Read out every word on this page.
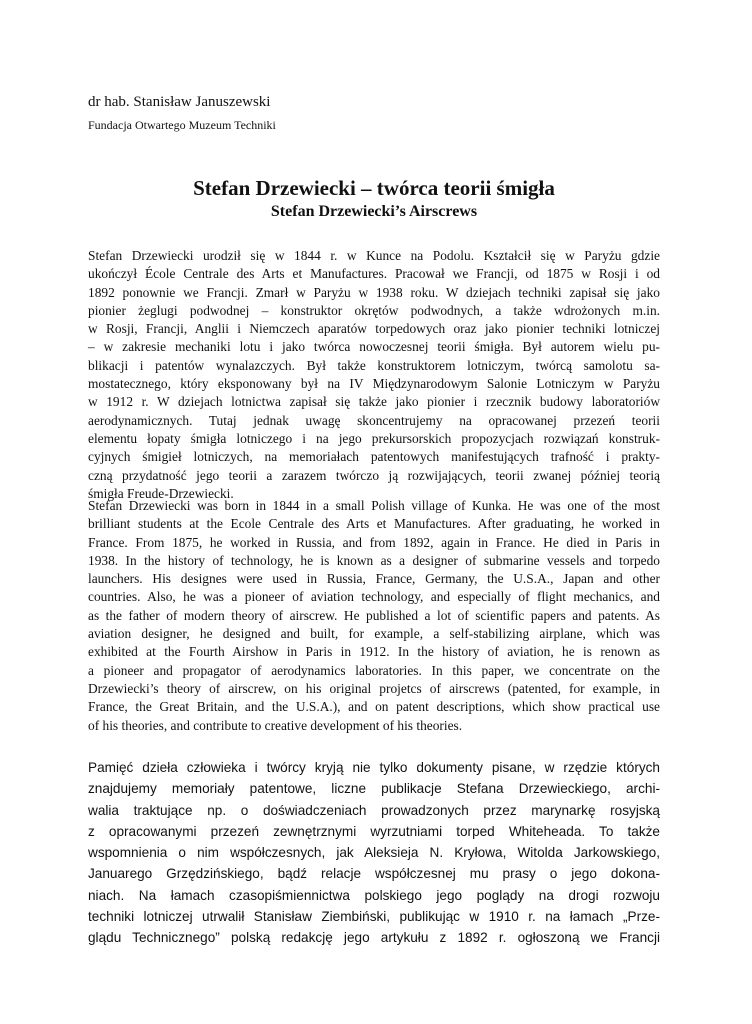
dr hab. Stanisław Januszewski
Fundacja Otwartego Muzeum Techniki
Stefan Drzewiecki – twórca teorii śmigła
Stefan Drzewiecki’s Airscrews
Stefan Drzewiecki urodził się w 1844 r. w Kunce na Podolu. Kształcił się w Paryżu gdzie
ukończył École Centrale des Arts et Manufactures. Pracował we Francji, od 1875 w Rosji i od
1892 ponownie we Francji. Zmarł w Paryżu w 1938 roku. W dziejach techniki zapisał się jako
pionier żeglugi podwodnej – konstruktor okrętów podwodnych, a także wdrożonych m.in.
w Rosji, Francji, Anglii i Niemczech aparatów torpedowych oraz jako pionier techniki lotniczej
– w zakresie mechaniki lotu i jako twórca nowoczesnej teorii śmigła. Był autorem wielu pu-
blikacji i patentów wynalazczych. Był także konstruktorem lotniczym, twórcą samolotu sa-
mostatecznego, który eksponowany był na IV Międzynarodowym Salonie Lotniczym w Paryżu
w 1912 r. W dziejach lotnictwa zapisał się także jako pionier i rzecznik budowy laboratoriów
aerodynamicznych. Tutaj jednak uwagę skoncentrujemy na opracowanej przezeń teorii
elementu łopaty śmigła lotniczego i na jego prekursorskich propozycjach rozwiązań konstruk-
cyjnych śmigieł lotniczych, na memoriałach patentowych manifestujących trafność i prakty-
czną przydatność jego teorii a zarazem twórczo ją rozwijających, teorii zwanej później teorią
śmigła Freude-Drzewiecki.
Stefan Drzewiecki was born in 1844 in a small Polish village of Kunka. He was one of the most
brilliant students at the Ecole Centrale des Arts et Manufactures. After graduating, he worked in
France. From 1875, he worked in Russia, and from 1892, again in France. He died in Paris in
1938. In the history of technology, he is known as a designer of submarine vessels and torpedo
launchers. His designes were used in Russia, France, Germany, the U.S.A., Japan and other
countries. Also, he was a pioneer of aviation technology, and especially of flight mechanics, and
as the father of modern theory of airscrew. He published a lot of scientific papers and patents. As
aviation designer, he designed and built, for example, a self-stabilizing airplane, which was
exhibited at the Fourth Airshow in Paris in 1912. In the history of aviation, he is renown as
a pioneer and propagator of aerodynamics laboratories. In this paper, we concentrate on the
Drzewiecki’s theory of airscrew, on his original projetcs of airscrews (patented, for example, in
France, the Great Britain, and the U.S.A.), and on patent descriptions, which show practical use
of his theories, and contribute to creative development of his theories.
Pamięć dzieła człowieka i twórcy kryją nie tylko dokumenty pisane, w rzędzie których
znajdujemy memoriały patentowe, liczne publikacje Stefana Drzewieckiego, archi-
walia traktujące np. o doświadczeniach prowadzonych przez marynarkę rosyjską
z opracowanymi przezeń zewnętrznymi wyrzutniami torped Whiteheada. To także
wspomnienia o nim współczesnych, jak Aleksieja N. Kryłowa, Witolda Jarkowskiego,
Januarego Grzędzińskiego, bądź relacje współczesnej mu prasy o jego dokona-
niach. Na łamach czasopiśmiennictwa polskiego jego poglądy na drogi rozwoju
techniki lotniczej utrwalił Stanisław Ziembiński, publikując w 1910 r. na łamach „Prze-
glądu Technicznego” polską redakcję jego artykułu z 1892 r. ogłoszoną we Francji
